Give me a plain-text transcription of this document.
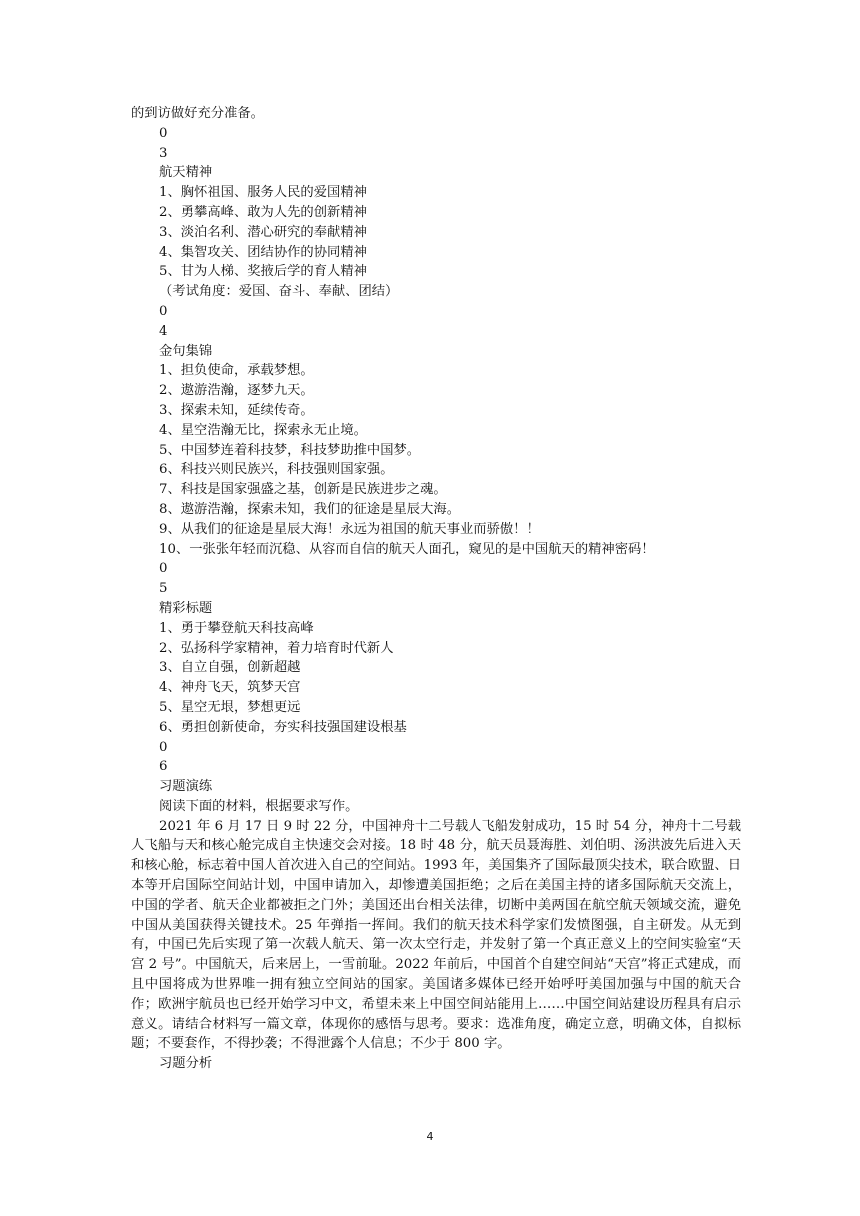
的到访做好充分准备。
0
3
航天精神
1、胸怀祖国、服务人民的爱国精神
2、勇攀高峰、敢为人先的创新精神
3、淡泊名利、潜心研究的奉献精神
4、集智攻关、团结协作的协同精神
5、甘为人梯、奖掖后学的育人精神
（考试角度：爱国、奋斗、奉献、团结）
0
4
金句集锦
1、担负使命，承载梦想。
2、遨游浩瀚，逐梦九天。
3、探索未知，延续传奇。
4、星空浩瀚无比，探索永无止境。
5、中国梦连着科技梦，科技梦助推中国梦。
6、科技兴则民族兴，科技强则国家强。
7、科技是国家强盛之基，创新是民族进步之魂。
8、遨游浩瀚，探索未知，我们的征途是星辰大海。
9、从我们的征途是星辰大海！永远为祖国的航天事业而骄傲！！
10、一张张年轻而沉稳、从容而自信的航天人面孔，窥见的是中国航天的精神密码！
0
5
精彩标题
1、勇于攀登航天科技高峰
2、弘扬科学家精神，着力培育时代新人
3、自立自强，创新超越
4、神舟飞天，筑梦天宫
5、星空无垠，梦想更远
6、勇担创新使命，夯实科技强国建设根基
0
6
习题演练
阅读下面的材料，根据要求写作。
2021 年 6 月 17 日 9 时 22 分，中国神舟十二号载人飞船发射成功，15 时 54 分，神舟十二号载人飞船与天和核心舱完成自主快速交会对接。18 时 48 分，航天员聂海胜、刘伯明、汤洪波先后进入天和核心舱，标志着中国人首次进入自己的空间站。1993 年，美国集齐了国际最顶尖技术，联合欧盟、日本等开启国际空间站计划，中国申请加入，却惨遭美国拒绝；之后在美国主持的诸多国际航天交流上，中国的学者、航天企业都被拒之门外；美国还出台相关法律，切断中美两国在航空航天领域交流，避免中国从美国获得关键技术。25 年弹指一挥间。我们的航天技术科学家们发愤图强，自主研发。从无到有，中国已先后实现了第一次载人航天、第一次太空行走，并发射了第一个真正意义上的空间实验室“天宫 2 号”。中国航天，后来居上，一雪前耻。2022 年前后，中国首个自建空间站“天宫”将正式建成，而且中国将成为世界唯一拥有独立空间站的国家。美国诸多媒体已经开始呼吁美国加强与中国的航天合作；欧洲宇航员也已经开始学习中文，希望未来上中国空间站能用上……中国空间站建设历程具有启示意义。请结合材料写一篇文章，体现你的感悟与思考。要求：选准角度，确定立意，明确文体，自拟标题；不要套作，不得抄袭；不得泄露个人信息；不少于 800 字。
习题分析
4
